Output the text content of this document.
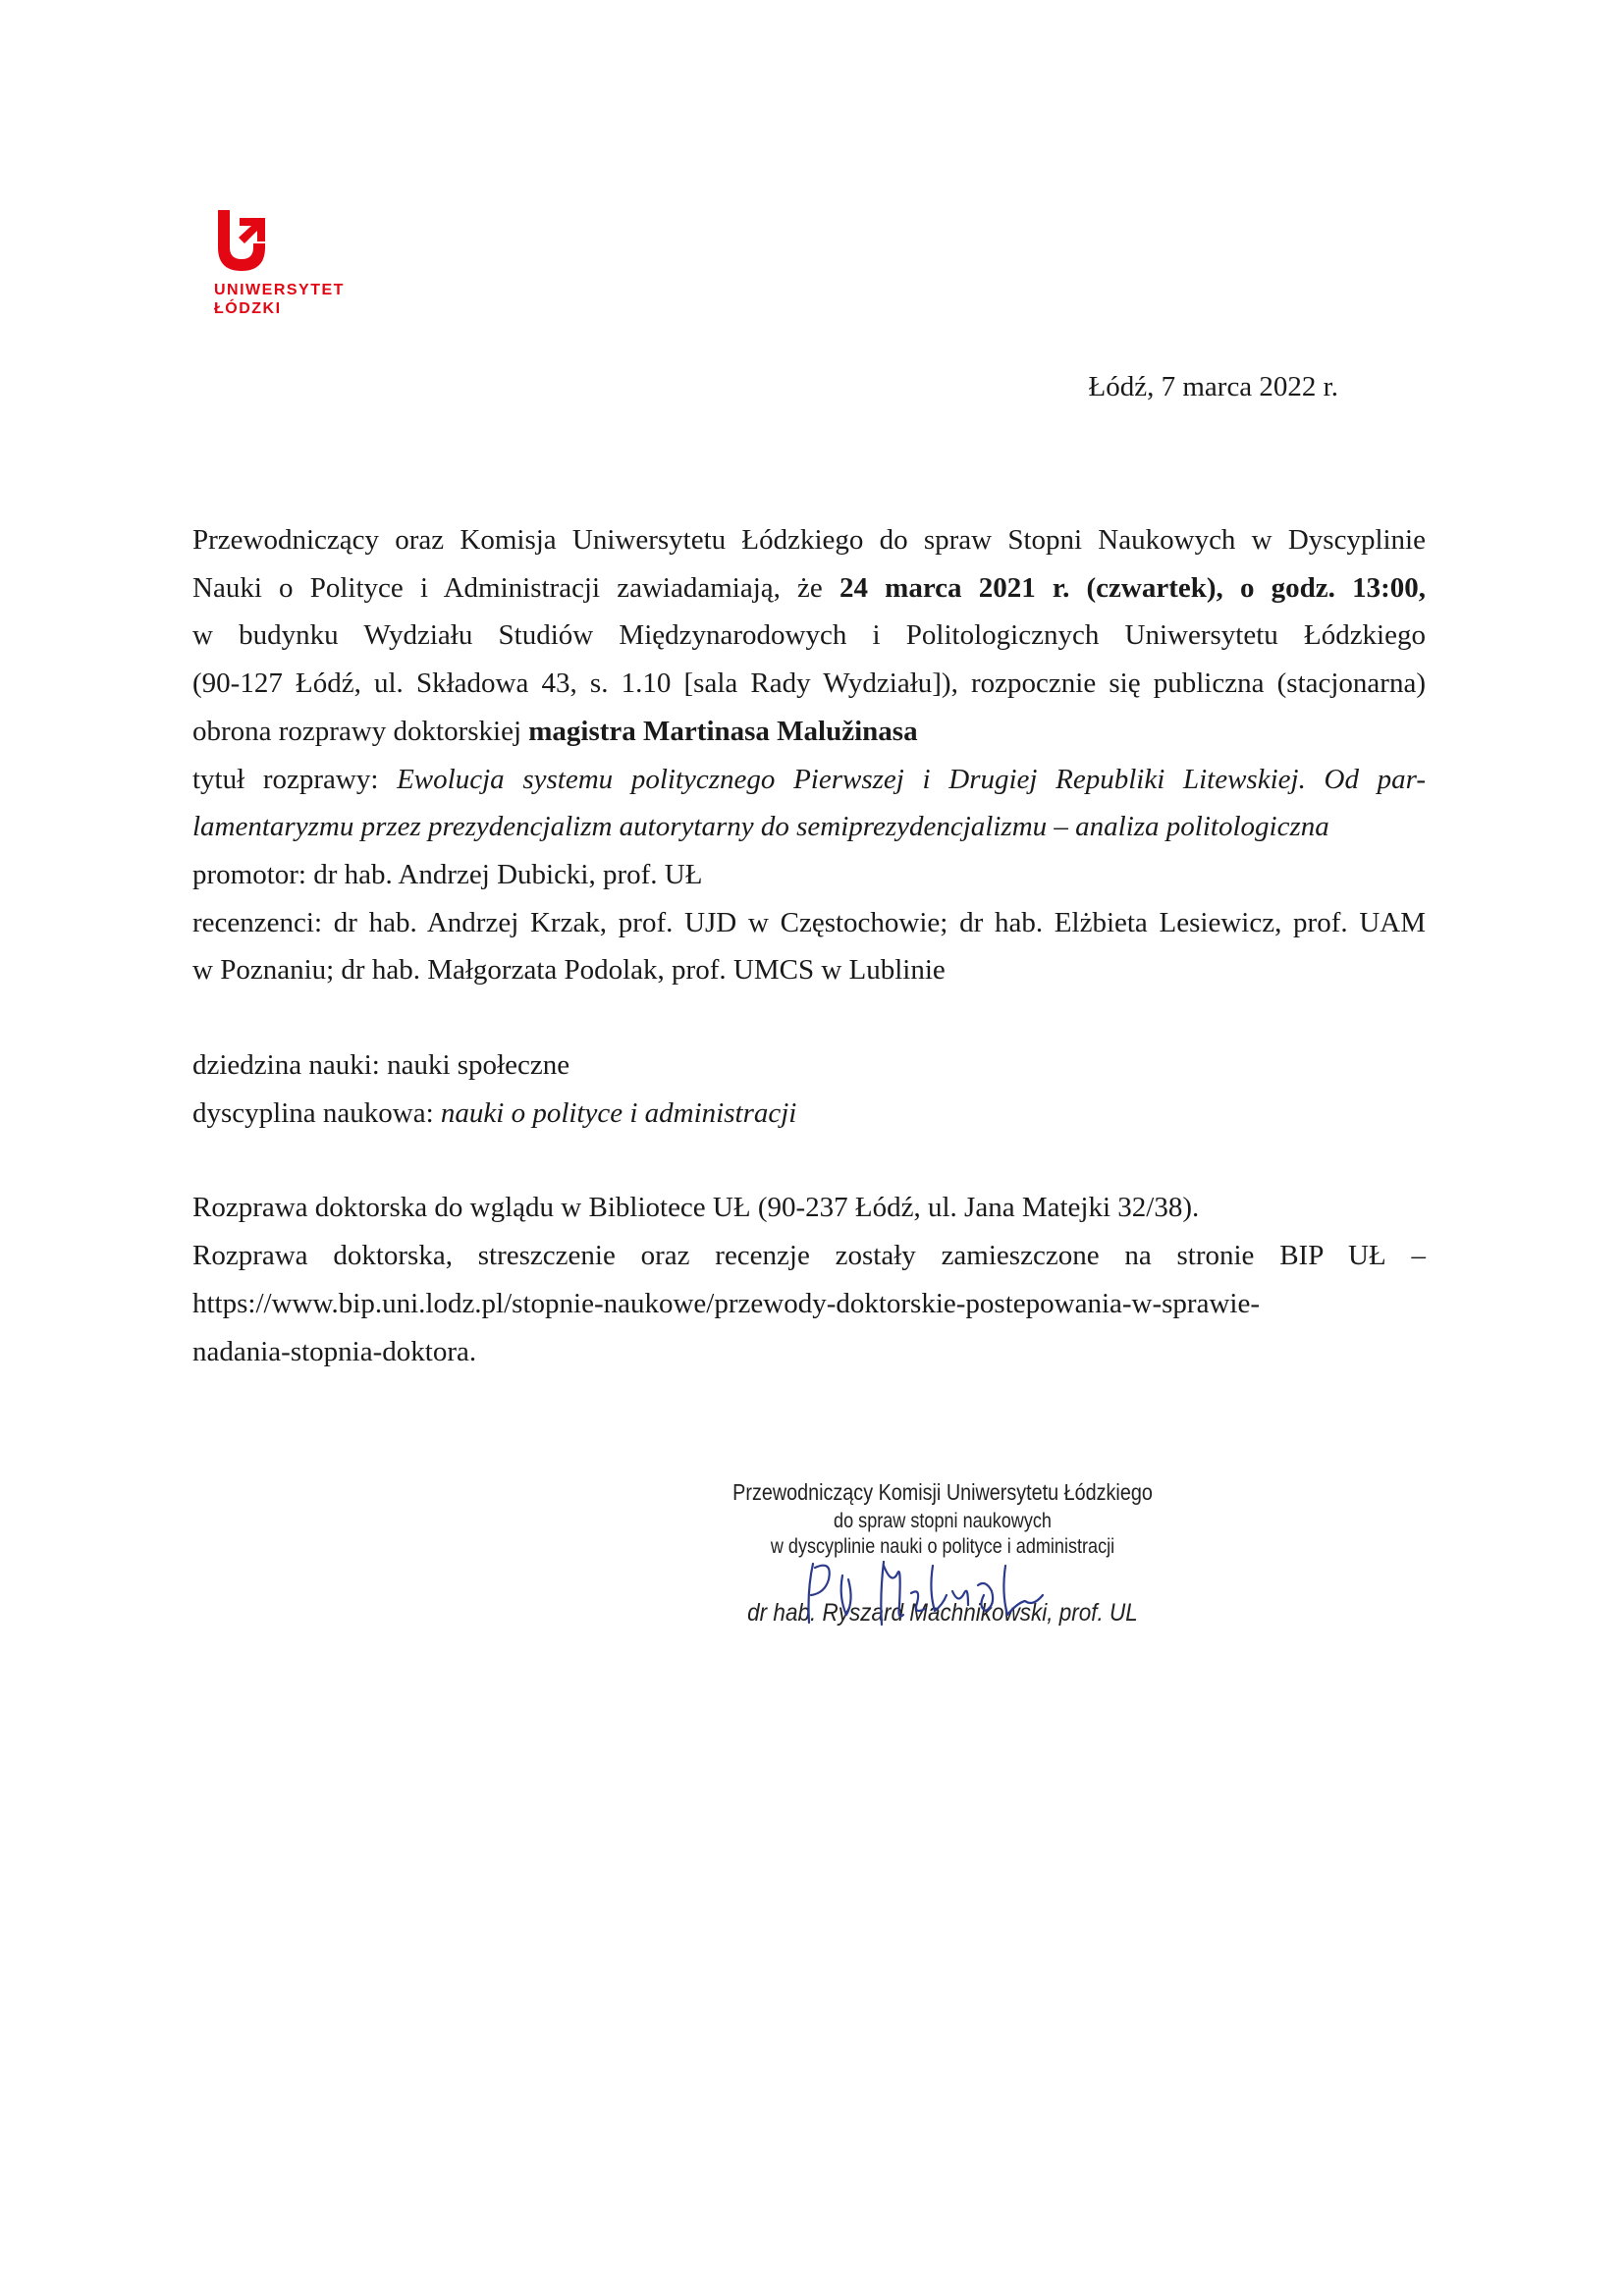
UNIWERSYTET
ŁÓDZKI
Łódź, 7 marca 2022 r.
Przewodniczący oraz Komisja Uniwersytetu Łódzkiego do spraw Stopni Naukowych w Dyscyplinie
Nauki o Polityce i Administracji zawiadamiają, że 24 marca 2021 r. (czwartek), o godz. 13:00,
w budynku Wydziału Studiów Międzynarodowych i Politologicznych Uniwersytetu Łódzkiego
(90-127 Łódź, ul. Składowa 43, s. 1.10 [sala Rady Wydziału]), rozpocznie się publiczna (stacjonarna)
obrona rozprawy doktorskiej magistra Martinasa Malužinasa
tytuł rozprawy: Ewolucja systemu politycznego Pierwszej i Drugiej Republiki Litewskiej. Od par-
lamentaryzmu przez prezydencjalizm autorytarny do semiprezydencjalizmu – analiza politologiczna
promotor: dr hab. Andrzej Dubicki, prof. UŁ
recenzenci: dr hab. Andrzej Krzak, prof. UJD w Częstochowie; dr hab. Elżbieta Lesiewicz, prof. UAM
w Poznaniu; dr hab. Małgorzata Podolak, prof. UMCS w Lublinie
dziedzina nauki: nauki społeczne
dyscyplina naukowa: nauki o polityce i administracji
Rozprawa doktorska do wglądu w Bibliotece UŁ (90-237 Łódź, ul. Jana Matejki 32/38).
Rozprawa doktorska, streszczenie oraz recenzje zostały zamieszczone na stronie BIP UŁ –
https://www.bip.uni.lodz.pl/stopnie-naukowe/przewody-doktorskie-postepowania-w-sprawie-
nadania-stopnia-doktora.
Przewodniczący Komisji Uniwersytetu Łódzkiego
do spraw stopni naukowych
w dyscyplinie nauki o polityce i administracji
dr hab. Ryszard Machnikowski, prof. UL
